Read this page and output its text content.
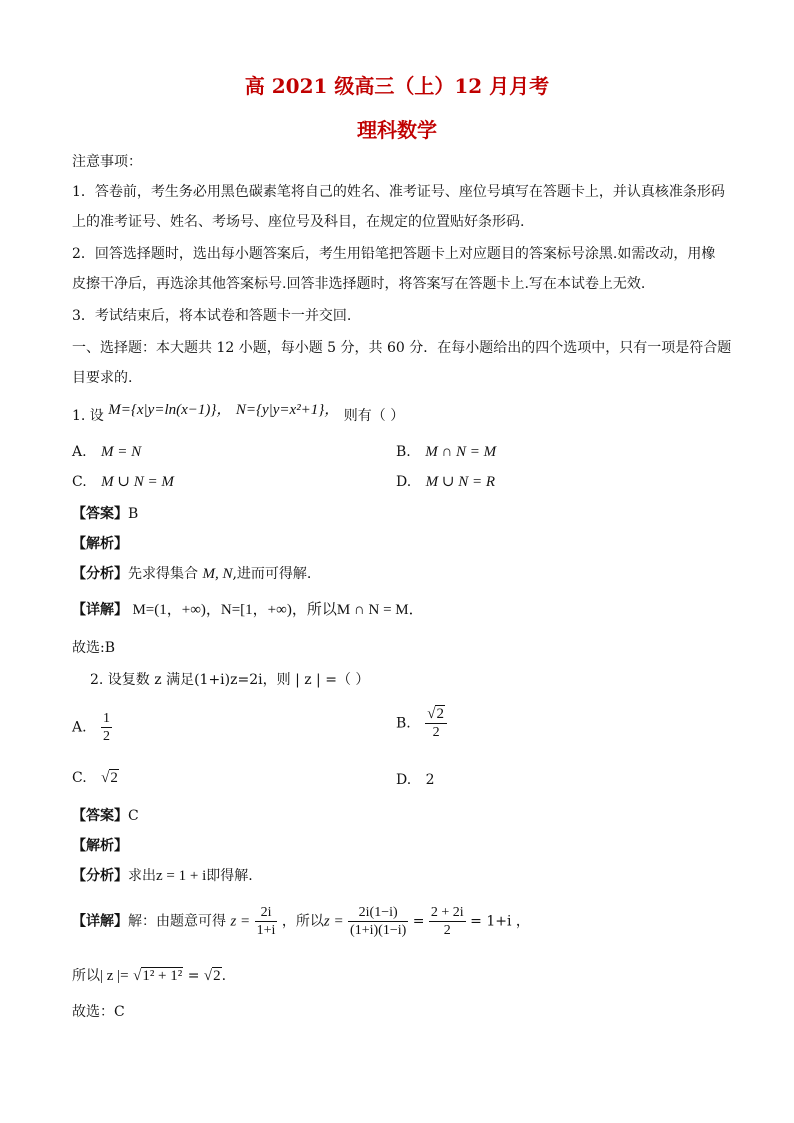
高 2021 级高三（上）12 月月考
理科数学
注意事项：
1．答卷前，考生务必用黑色碳素笔将自己的姓名、准考证号、座位号填写在答题卡上，并认真核准条形码
上的准考证号、姓名、考场号、座位号及科目，在规定的位置贴好条形码.
2．回答选择题时，选出每小题答案后，考生用铅笔把答题卡上对应题目的答案标号涂黑.如需改动，用橡
皮擦干净后，再选涂其他答案标号.回答非选择题时，将答案写在答题卡上.写在本试卷上无效.
3．考试结束后，将本试卷和答题卡一并交回.
一、选择题：本大题共 12 小题，每小题 5 分，共 60 分．在每小题给出的四个选项中，只有一项是符合题
目要求的.
1. 设 M={x|y=ln(x−1)}， N={y|y=x²+1}， 则有（ ）
A. M = N	B. M ∩ N = M
C. M ∪ N = M	D. M ∪ N = R
【答案】B
【解析】
【分析】先求得集合 M, N,进而可得解.
【详解】 M=(1，+∞)，N=[1，+∞)，所以M ∩ N = M．
故选:B
2. 设复数 z 满足(1+i)z=2i，则 | z | =（ ）
A. $\frac{1}{2}$	B. $\frac{√2}{2}$
C. √2	D. 2
【答案】C
【解析】
【分析】求出z = 1 + i即得解.
【详解】解：由题意可得 $z = \frac{2i}{1+i}$ ，所以$z = \frac{2i(1-i)}{(1+i)(1-i)} = \frac{2 + 2i}{2} = 1+i$ ，
所以| z |= √1² + 1² = √2.
故选：C
